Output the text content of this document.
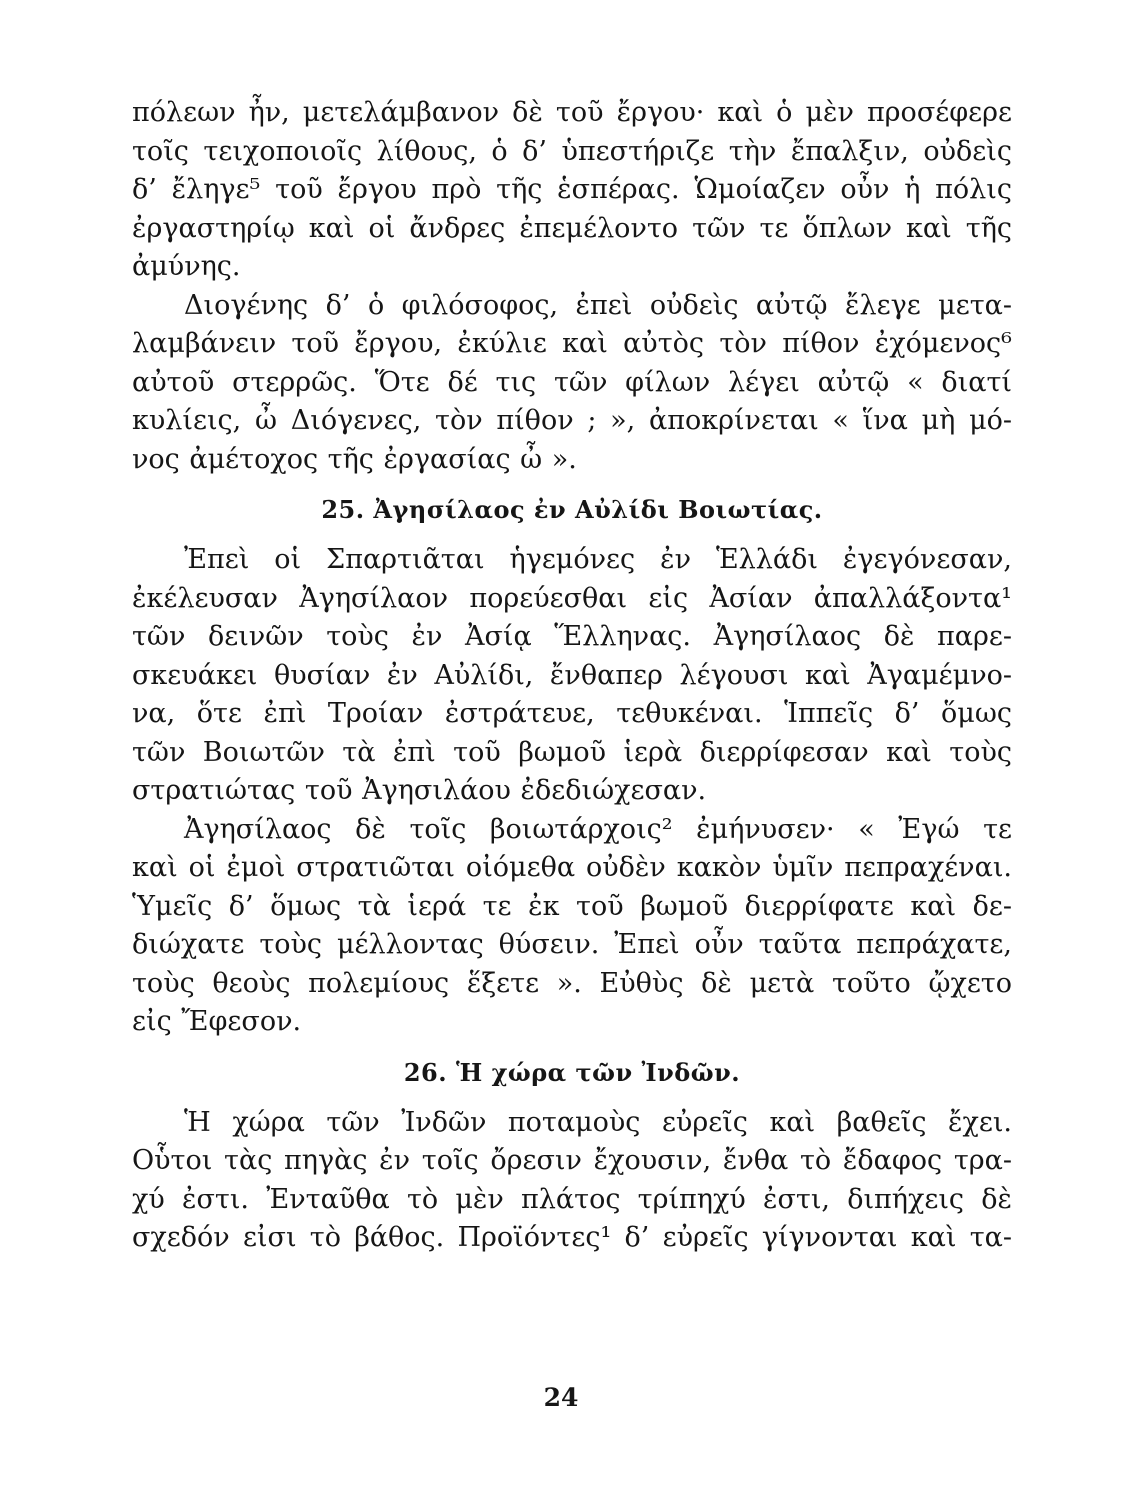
πόλεων ἦν, μετελάμβανον δὲ τοῦ ἔργου· καὶ ὁ μὲν προσέφερε
τοῖς τειχοποιοῖς λίθους, ὁ δ’ ὑπεστήριζε τὴν ἔπαλξιν, οὐδεὶς
δ’ ἔληγε⁵ τοῦ ἔργου πρὸ τῆς ἑσπέρας. Ὡμοίαζεν οὖν ἡ πόλις
ἐργαστηρίῳ καὶ οἱ ἄνδρες ἐπεμέλοντο τῶν τε ὅπλων καὶ τῆς
ἀμύνης.
Διογένης δ’ ὁ φιλόσοφος, ἐπεὶ οὐδεὶς αὐτῷ ἔλεγε μετα-
λαμβάνειν τοῦ ἔργου, ἐκύλιε καὶ αὐτὸς τὸν πίθον ἐχόμενος⁶
αὐτοῦ στερρῶς. Ὅτε δέ τις τῶν φίλων λέγει αὐτῷ « διατί
κυλίεις, ὦ Διόγενες, τὸν πίθον ; », ἀποκρίνεται « ἵνα μὴ μό-
νος ἀμέτοχος τῆς ἐργασίας ὦ ».
25. Ἀγησίλαος ἐν Αὐλίδι Βοιωτίας.
Ἐπεὶ οἱ Σπαρτιᾶται ἡγεμόνες ἐν Ἑλλάδι ἐγεγόνεσαν,
ἐκέλευσαν Ἀγησίλαον πορεύεσθαι εἰς Ἀσίαν ἀπαλλάξοντα¹
τῶν δεινῶν τοὺς ἐν Ἀσίᾳ Ἕλληνας. Ἀγησίλαος δὲ παρε-
σκευάκει θυσίαν ἐν Αὐλίδι, ἔνθαπερ λέγουσι καὶ Ἀγαμέμνο-
να, ὅτε ἐπὶ Τροίαν ἐστράτευε, τεθυκέναι. Ἱππεῖς δ’ ὅμως
τῶν Βοιωτῶν τὰ ἐπὶ τοῦ βωμοῦ ἱερὰ διερρίφεσαν καὶ τοὺς
στρατιώτας τοῦ Ἀγησιλάου ἐδεδιώχεσαν.
Ἀγησίλαος δὲ τοῖς βοιωτάρχοις² ἐμήνυσεν· « Ἐγώ τε
καὶ οἱ ἐμοὶ στρατιῶται οἰόμεθα οὐδὲν κακὸν ὑμῖν πεπραχέναι.
Ὑμεῖς δ’ ὅμως τὰ ἱερά τε ἐκ τοῦ βωμοῦ διερρίφατε καὶ δε-
διώχατε τοὺς μέλλοντας θύσειν. Ἐπεὶ οὖν ταῦτα πεπράχατε,
τοὺς θεοὺς πολεμίους ἕξετε ». Εὐθὺς δὲ μετὰ τοῦτο ᾤχετο
εἰς Ἔφεσον.
26. Ἡ χώρα τῶν Ἰνδῶν.
Ἡ χώρα τῶν Ἰνδῶν ποταμοὺς εὐρεῖς καὶ βαθεῖς ἔχει.
Οὗτοι τὰς πηγὰς ἐν τοῖς ὄρεσιν ἔχουσιν, ἔνθα τὸ ἔδαφος τρα-
χύ ἐστι. Ἐνταῦθα τὸ μὲν πλάτος τρίπηχύ ἐστι, διπήχεις δὲ
σχεδόν εἰσι τὸ βάθος. Προϊόντες¹ δ’ εὐρεῖς γίγνονται καὶ τα-
24
